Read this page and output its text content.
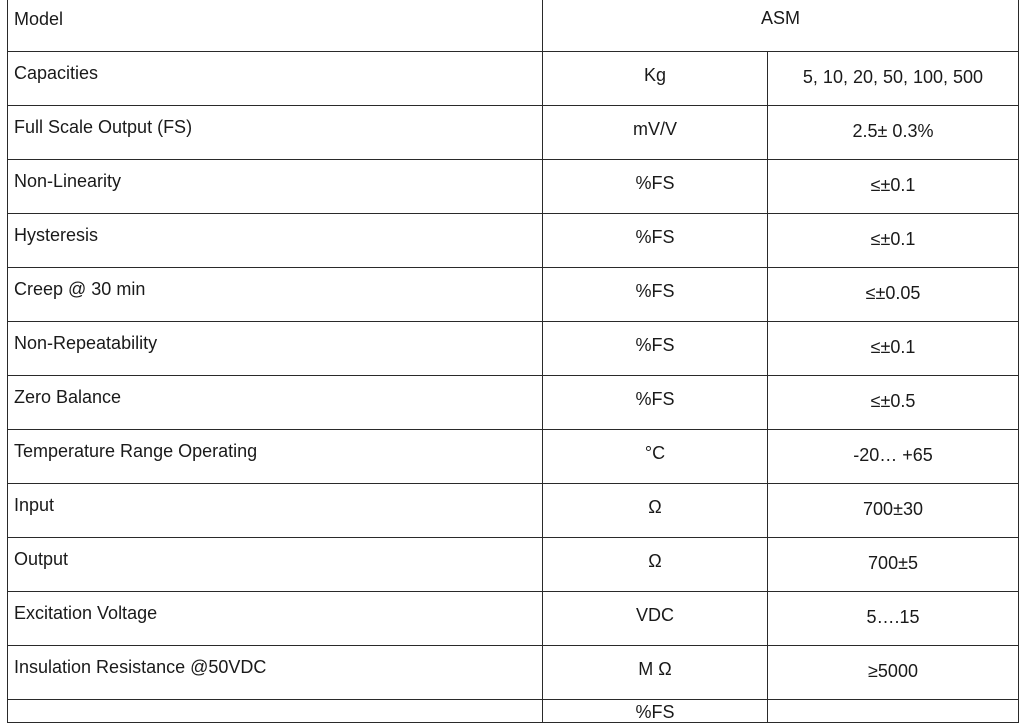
Model	ASM	

Capacities	Kg	5, 10, 20, 50, 100, 500

Full Scale Output (FS)	mV/V	2.5± 0.3%

Non-Linearity	%FS	≤±0.1

Hysteresis	%FS	≤±0.1

Creep @ 30 min	%FS	≤±0.05

Non-Repeatability	%FS	≤±0.1

Zero Balance	%FS	≤±0.5

Temperature Range Operating	°C	-20… +65

Input	Ω	700±30

Output	Ω	700±5

Excitation Voltage	VDC	5….15

Insulation Resistance @50VDC	M Ω	≥5000

	%FS	
